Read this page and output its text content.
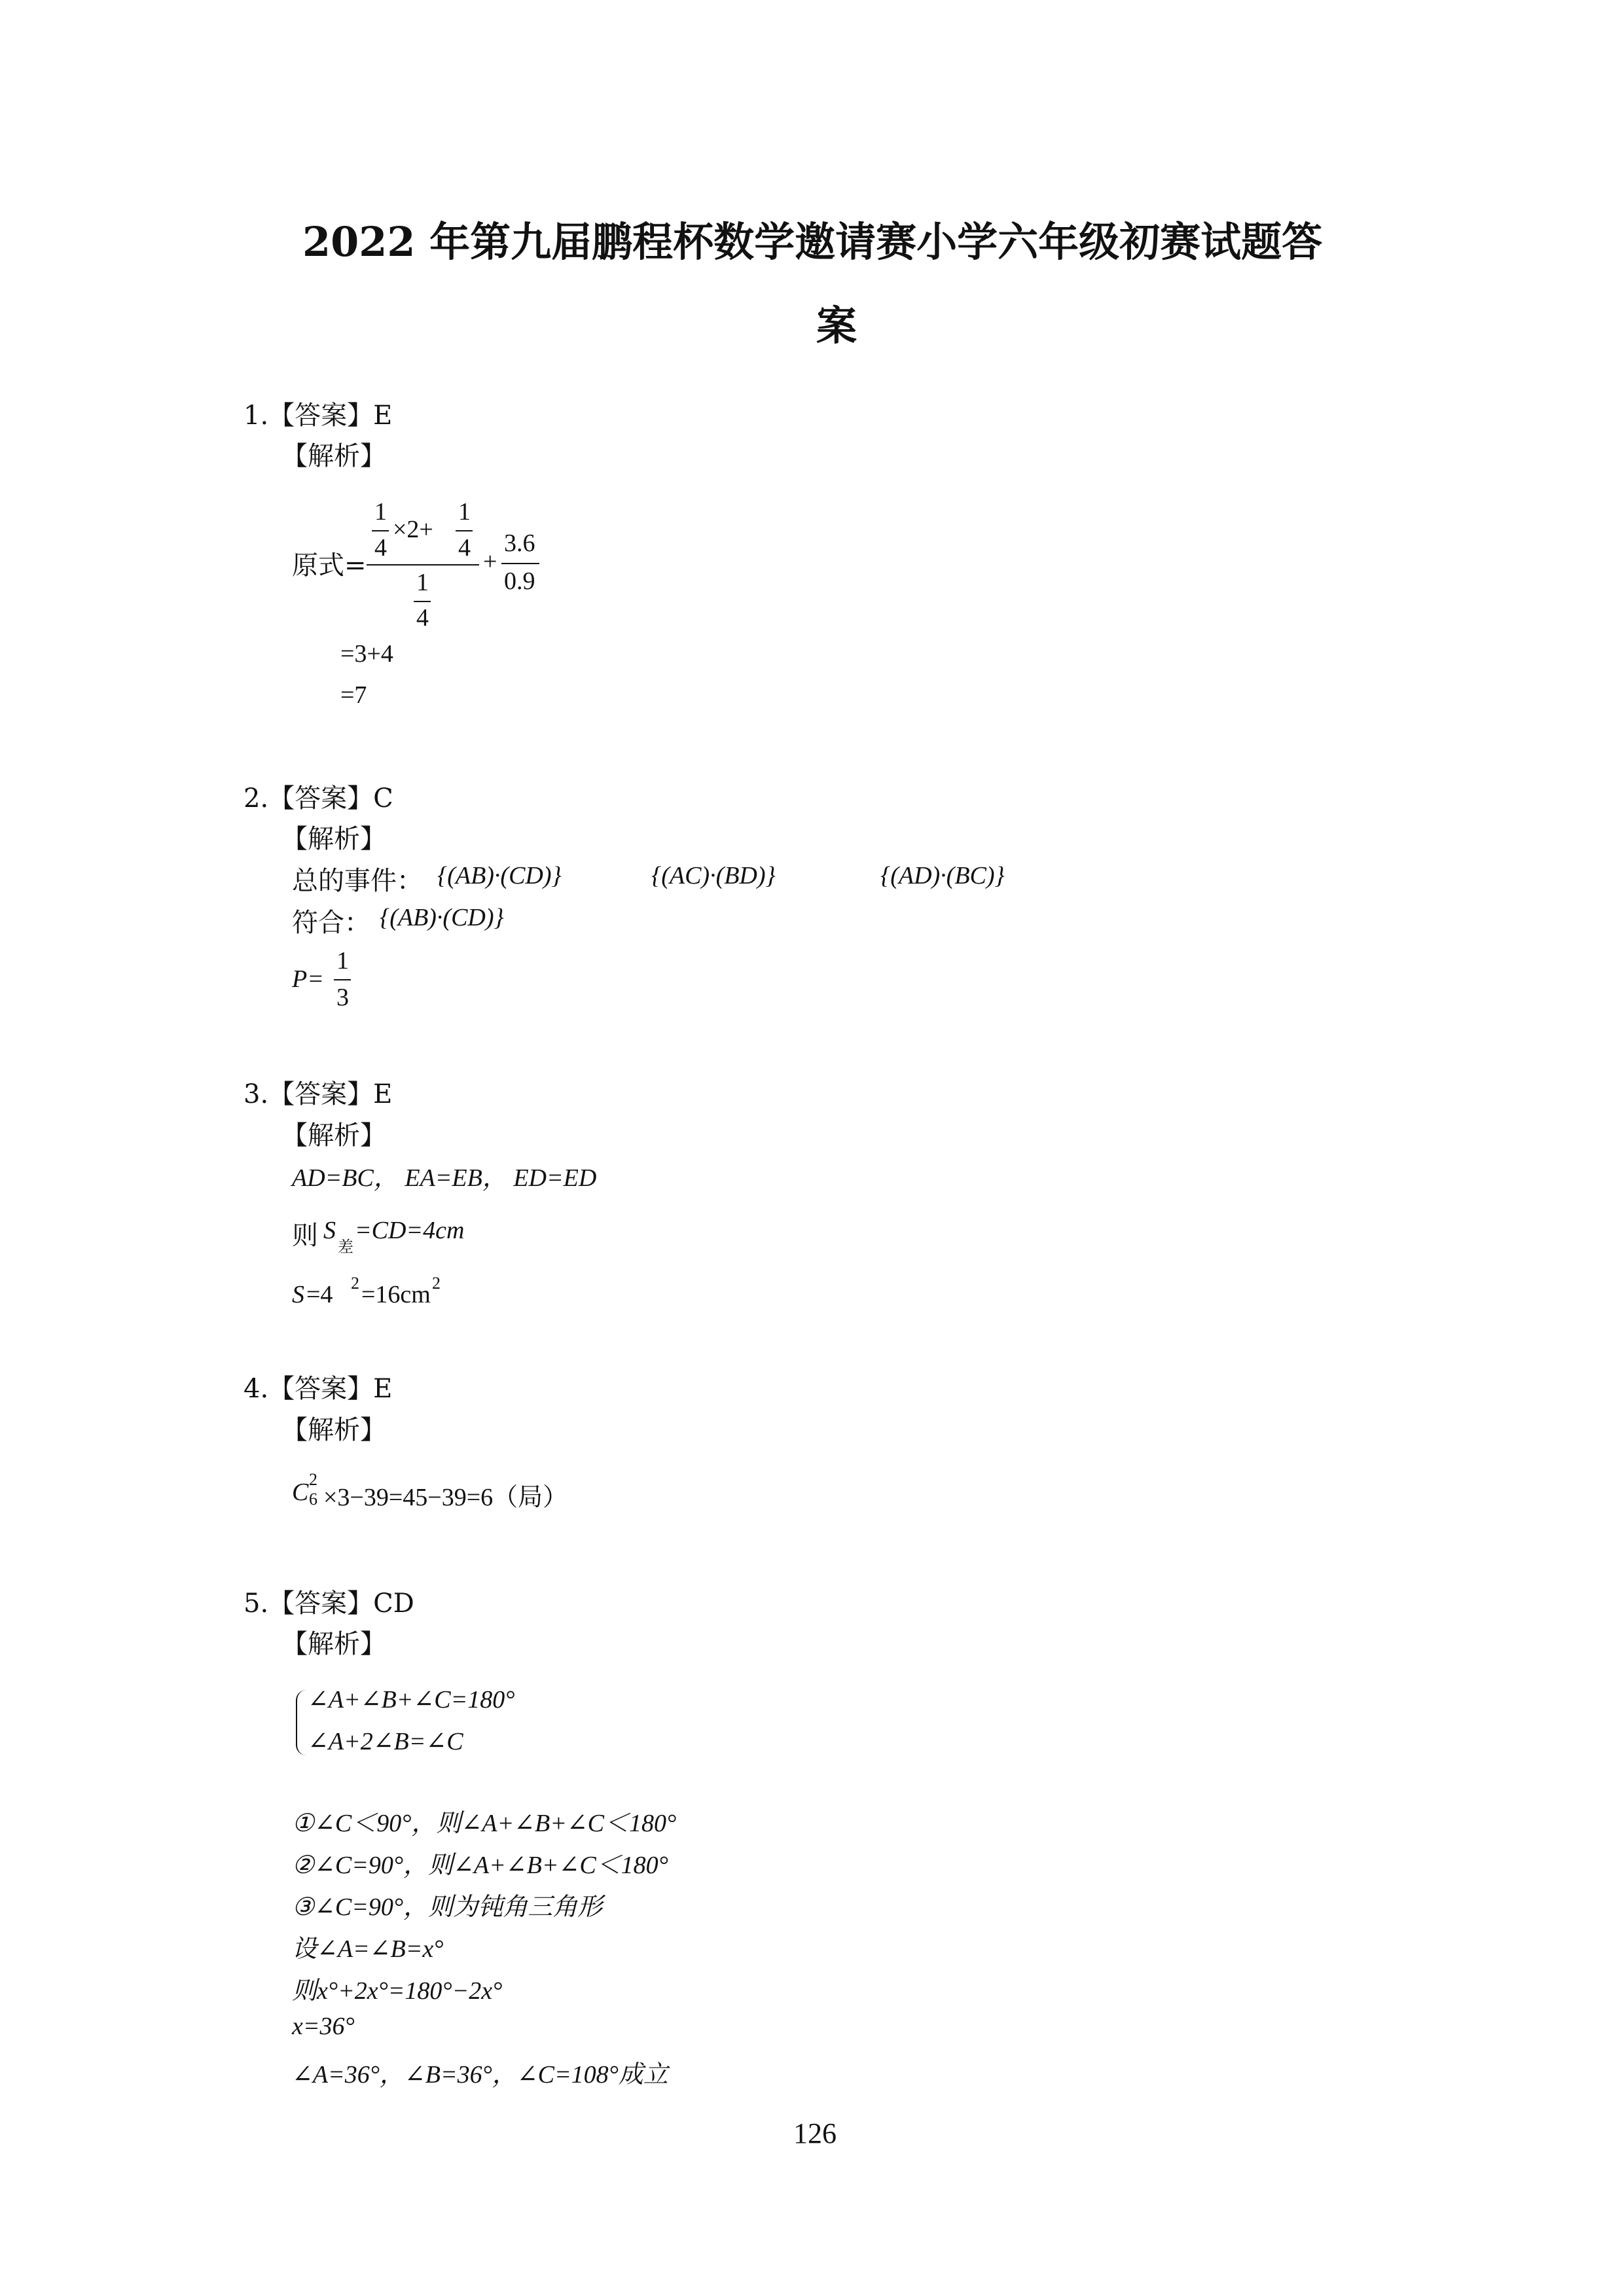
2022 年第九届鹏程杯数学邀请赛小学六年级初赛试题答
案
1.【答案】E
【解析】
原式=
1
4
×2+
1
4
1
4
+
3.6
0.9
=3+4
=7
2.【答案】C
【解析】
总的事件： {(AB)·(CD)}	{(AC)·(BD)}	{(AD)·(BC)}
符合： {(AB)·(CD)}
P=
1
3
3.【答案】E
【解析】
AD=BC， EA=EB， ED=ED
则 S
差
=CD=4cm
S =4 2 =16cm 2
4.【答案】E
【解析】
C 2
6 ×3−39=45−39=6（局）
5.【答案】CD
【解析】
∠A+∠B+∠C=180°
∠A+2∠B=∠C
①∠C＜90°，则∠A+∠B+∠C＜180°
②∠C=90°，则∠A+∠B+∠C＜180°
③∠C=90°，则为钝角三角形
设∠A=∠B=x°
则x°+2x°=180°−2x°
x=36°
∠A=36°，∠B=36°，∠C=108°成立
126
